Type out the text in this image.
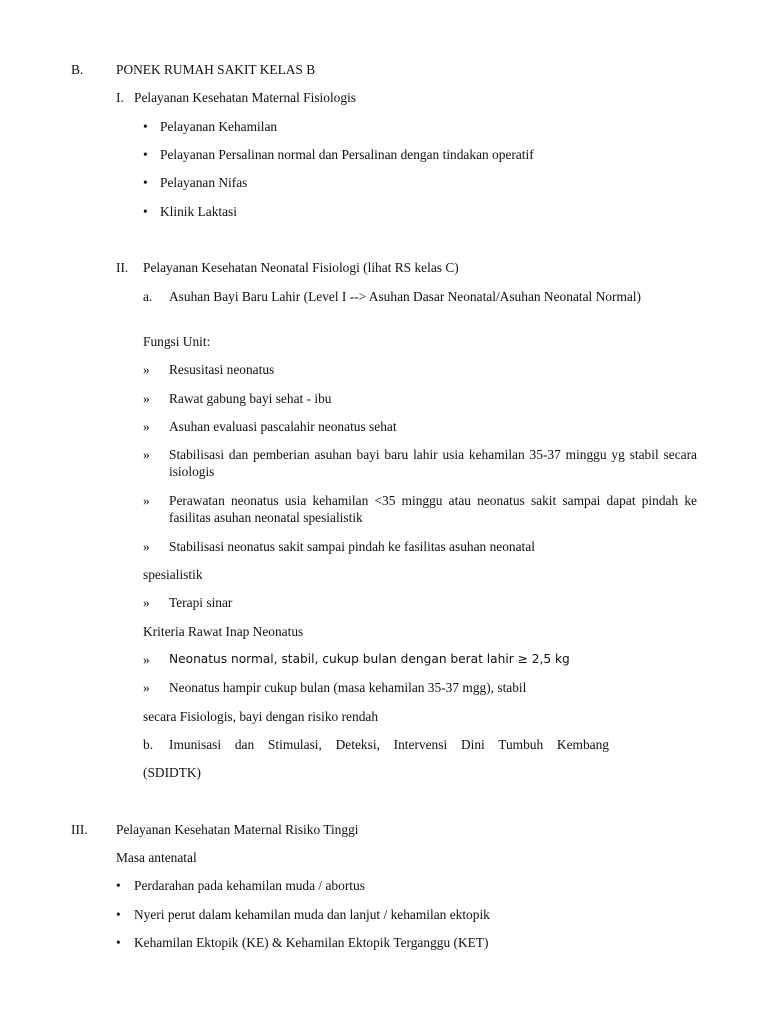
B. PONEK RUMAH SAKIT KELAS B
I. Pelayanan Kesehatan Maternal Fisiologis
• Pelayanan Kehamilan
• Pelayanan Persalinan normal dan Persalinan dengan tindakan operatif
• Pelayanan Nifas
• Klinik Laktasi
II. Pelayanan Kesehatan Neonatal Fisiologi (lihat RS kelas C)
a. Asuhan Bayi Baru Lahir (Level I --> Asuhan Dasar Neonatal/Asuhan Neonatal Normal)
Fungsi Unit:
» Resusitasi neonatus
» Rawat gabung bayi sehat - ibu
» Asuhan evaluasi pascalahir neonatus sehat
» Stabilisasi dan pemberian asuhan bayi baru lahir usia kehamilan 35-37 minggu yg stabil secara isiologis
» Perawatan neonatus usia kehamilan <35 minggu atau neonatus sakit sampai dapat pindah ke fasilitas asuhan neonatal spesialistik
» Stabilisasi neonatus sakit sampai pindah ke fasilitas asuhan neonatal
spesialistik
» Terapi sinar
Kriteria Rawat Inap Neonatus
» Neonatus normal, stabil, cukup bulan dengan berat lahir ≥ 2,5 kg
» Neonatus hampir cukup bulan (masa kehamilan 35-37 mgg), stabil
secara Fisiologis, bayi dengan risiko rendah
b. Imunisasi dan Stimulasi, Deteksi, Intervensi Dini Tumbuh Kembang
(SDIDTK)
III. Pelayanan Kesehatan Maternal Risiko Tinggi
Masa antenatal
• Perdarahan pada kehamilan muda / abortus
• Nyeri perut dalam kehamilan muda dan lanjut / kehamilan ektopik
• Kehamilan Ektopik (KE) & Kehamilan Ektopik Terganggu (KET)
